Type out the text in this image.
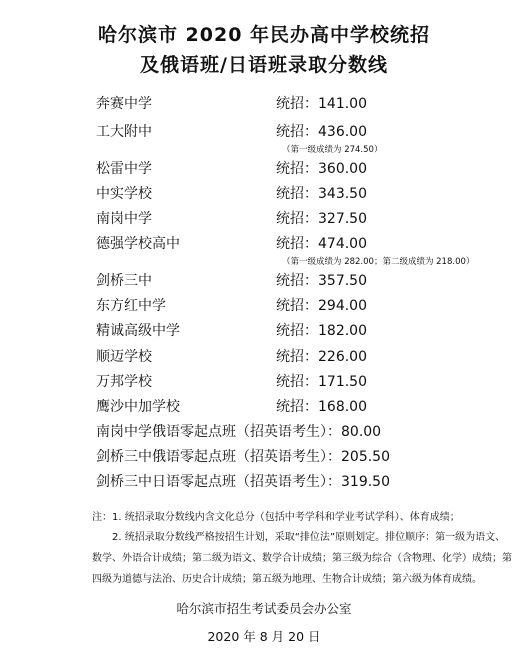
哈尔滨市 2020 年民办高中学校统招
及俄语班/日语班录取分数线
奔赛中学	统招：141.00
工大附中	统招：436.00
（第一级成绩为 274.50）
松雷中学	统招：360.00
中实学校	统招：343.50
南岗中学	统招：327.50
德强学校高中	统招：474.00
（第一级成绩为 282.00；第二级成绩为 218.00）
剑桥三中	统招：357.50
东方红中学	统招：294.00
精诚高级中学	统招：182.00
顺迈学校	统招：226.00
万邦学校	统招：171.50
鹰沙中加学校	统招：168.00
南岗中学俄语零起点班（招英语考生）：80.00
剑桥三中俄语零起点班（招英语考生）：205.50
剑桥三中日语零起点班（招英语考生）：319.50
注：1. 统招录取分数线内含文化总分（包括中考学科和学业考试学科）、体育成绩；
2. 统招录取分数线严格按招生计划，采取“排位法”原则划定。排位顺序：第一级为语文、数学、外语合计成绩；第二级为语文、数学合计成绩；第三级为综合（含物理、化学）成绩；第四级为道德与法治、历史合计成绩；第五级为地理、生物合计成绩；第六级为体育成绩。
哈尔滨市招生考试委员会办公室
2020 年 8 月 20 日
